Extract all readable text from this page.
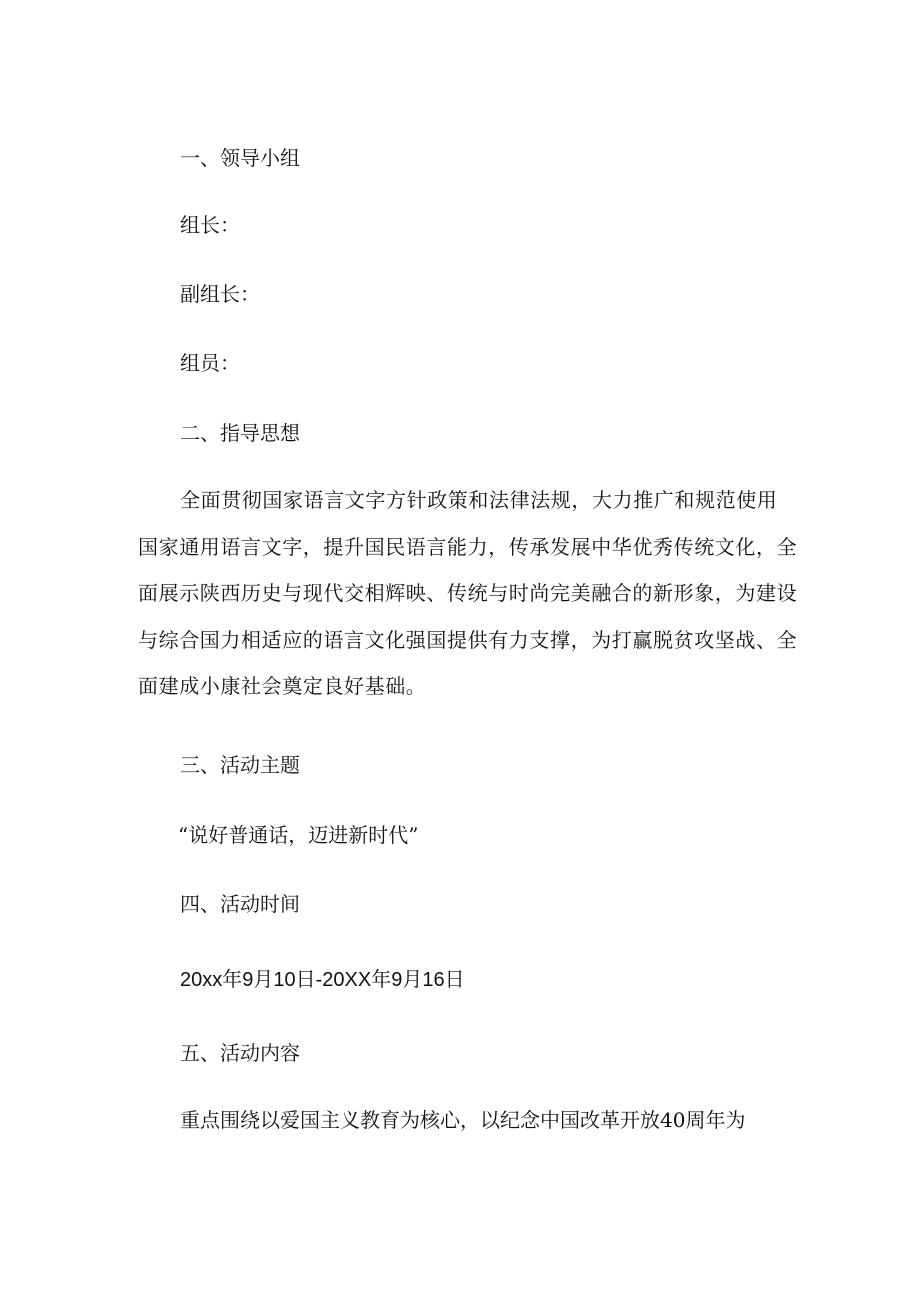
一、领导小组

组长：

副组长：

组员：

二、指导思想

全面贯彻国家语言文字方针政策和法律法规，大力推广和规范使用
国家通用语言文字，提升国民语言能力，传承发展中华优秀传统文化，全
面展示陕西历史与现代交相辉映、传统与时尚完美融合的新形象，为建设
与综合国力相适应的语言文化强国提供有力支撑，为打赢脱贫攻坚战、全
面建成小康社会奠定良好基础。

三、活动主题

“说好普通话，迈进新时代”

四、活动时间

20xx年9月10日-20XX年9月16日

五、活动内容

重点围绕以爱国主义教育为核心，以纪念中国改革开放40周年为
